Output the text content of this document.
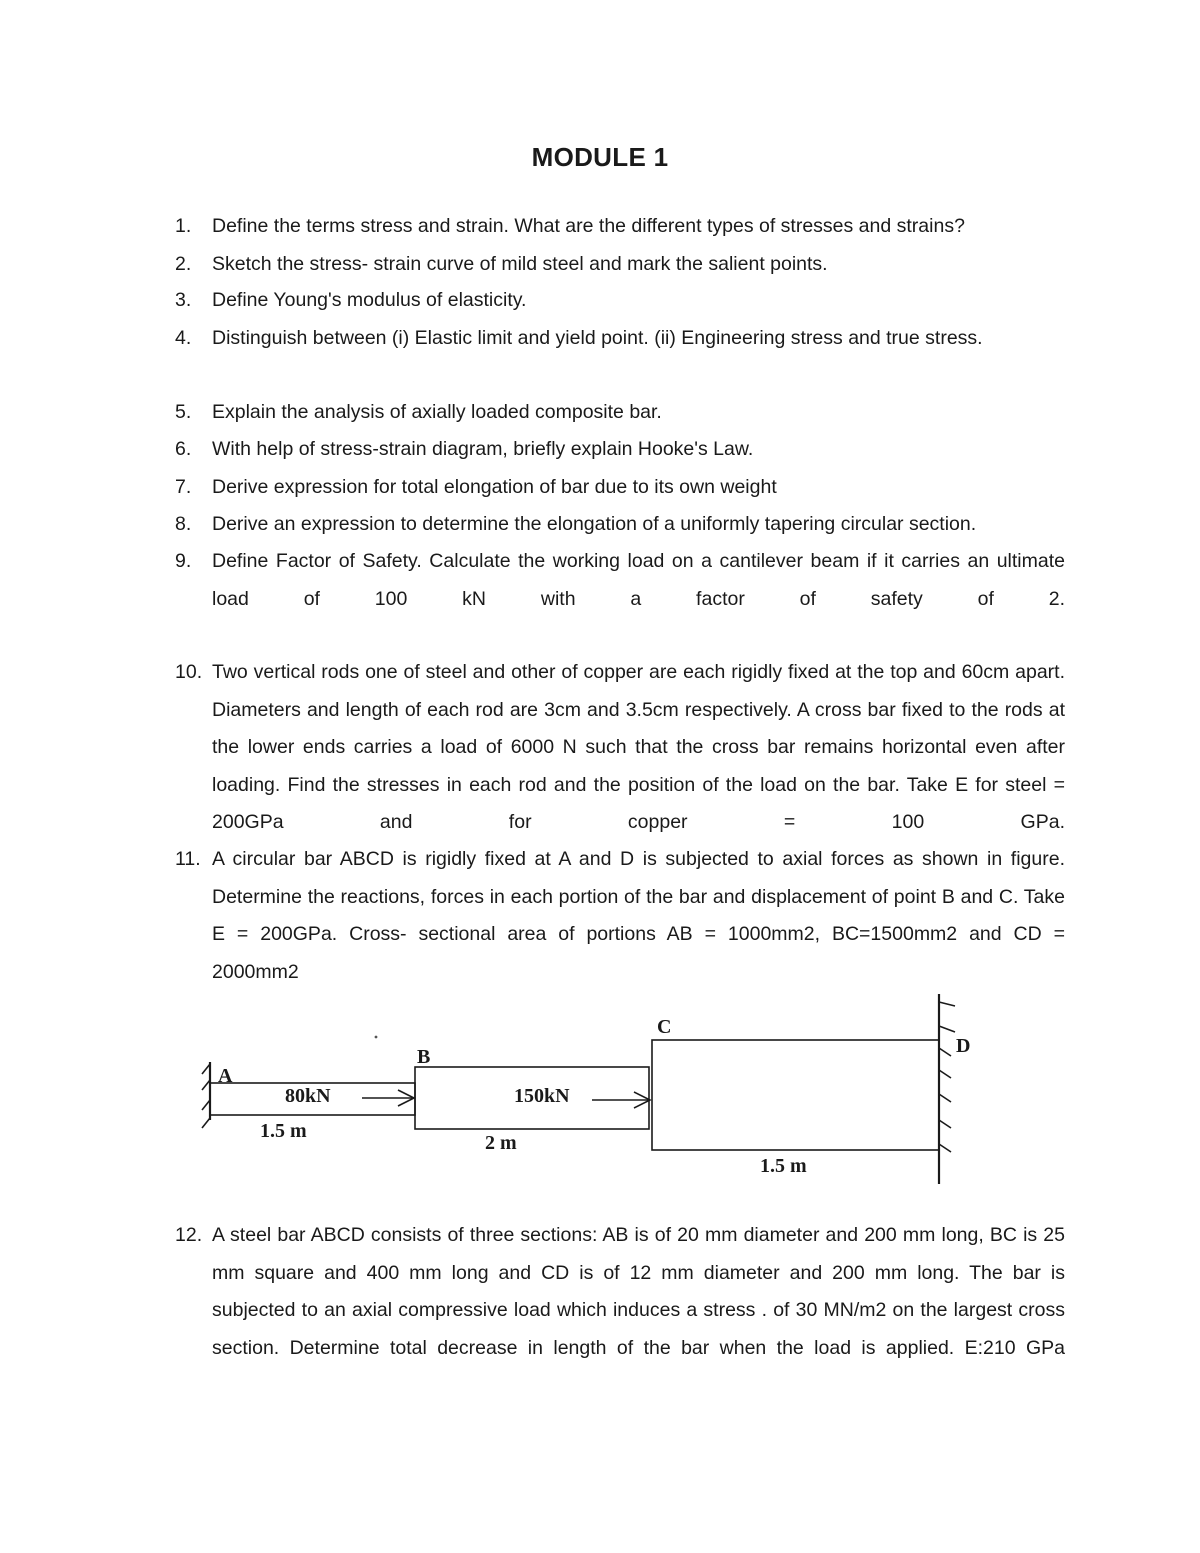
MODULE 1
1.	Define the terms stress and strain. What are the different types of stresses and strains?
2.	Sketch the stress- strain curve of mild steel and mark the salient points.
3.	Define Young's modulus of elasticity.
4.	Distinguish between (i) Elastic limit and yield point. (ii) Engineering stress and true stress.
5.	Explain the analysis of axially loaded composite bar.
6.	With help of stress-strain diagram, briefly explain Hooke's Law.
7.	Derive expression for total elongation of bar due to its own weight
8.	Derive an expression to determine the elongation of a uniformly tapering circular section.
9.	Define Factor of Safety. Calculate the working load on a cantilever beam if it carries an ultimate load of 100 kN with a factor of safety of 2.
10. Two vertical rods one of steel and other of copper are each rigidly fixed at the top and 60cm apart. Diameters and length of each rod are 3cm and 3.5cm respectively. A cross bar fixed to the rods at the lower ends carries a load of 6000 N such that the cross bar remains horizontal even after loading. Find the stresses in each rod and the position of the load on the bar. Take E for steel = 200GPa and for copper = 100 GPa.
11. A circular bar ABCD is rigidly fixed at A and D is subjected to axial forces as shown in figure. Determine the reactions, forces in each portion of the bar and displacement of point B and C. Take E = 200GPa. Cross- sectional area of portions AB = 1000mm2, BC=1500mm2 and CD = 2000mm2
A
B
C
D
80kN	150kN
1.5 m
2 m
1.5 m
12. A steel bar ABCD consists of three sections: AB is of 20 mm diameter and 200 mm long, BC is 25 mm square and 400 mm long and CD is of 12 mm diameter and 200 mm long. The bar is subjected to an axial compressive load which induces a stress . of 30 MN/m2 on the largest cross section. Determine total decrease in length of the bar when the load is applied. E:210 GPa
